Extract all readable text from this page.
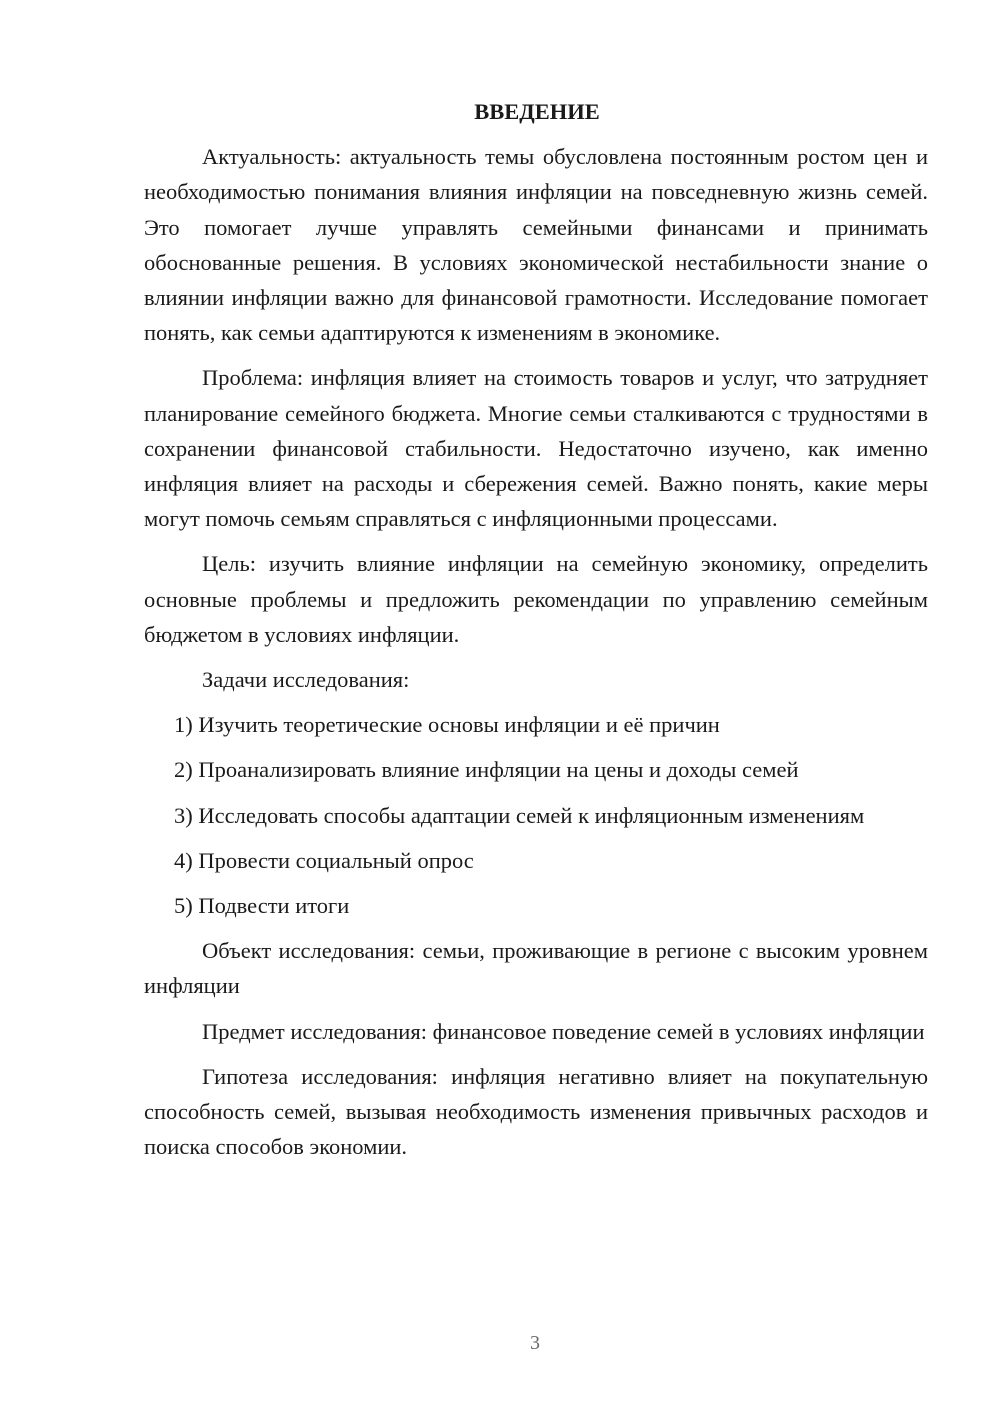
ВВЕДЕНИЕ

Актуальность: актуальность темы обусловлена постоянным ростом цен и необходимостью понимания влияния инфляции на повседневную жизнь семей. Это помогает лучше управлять семейными финансами и принимать обоснованные решения. В условиях экономической нестабильности знание о влиянии инфляции важно для финансовой грамотности. Исследование помогает понять, как семьи адаптируются к изменениям в экономике.

Проблема: инфляция влияет на стоимость товаров и услуг, что затрудняет планирование семейного бюджета. Многие семьи сталкиваются с трудностями в сохранении финансовой стабильности. Недостаточно изучено, как именно инфляция влияет на расходы и сбережения семей. Важно понять, какие меры могут помочь семьям справляться с инфляционными процессами.

Цель: изучить влияние инфляции на семейную экономику, определить основные проблемы и предложить рекомендации по управлению семейным бюджетом в условиях инфляции.

Задачи исследования:

1) Изучить теоретические основы инфляции и её причин

2) Проанализировать влияние инфляции на цены и доходы семей

3) Исследовать способы адаптации семей к инфляционным изменениям

4) Провести социальный опрос

5) Подвести итоги

Объект исследования: семьи, проживающие в регионе с высоким уровнем инфляции

Предмет исследования: финансовое поведение семей в условиях инфляции

Гипотеза исследования: инфляция негативно влияет на покупательную способность семей, вызывая необходимость изменения привычных расходов и поиска способов экономии.

3
